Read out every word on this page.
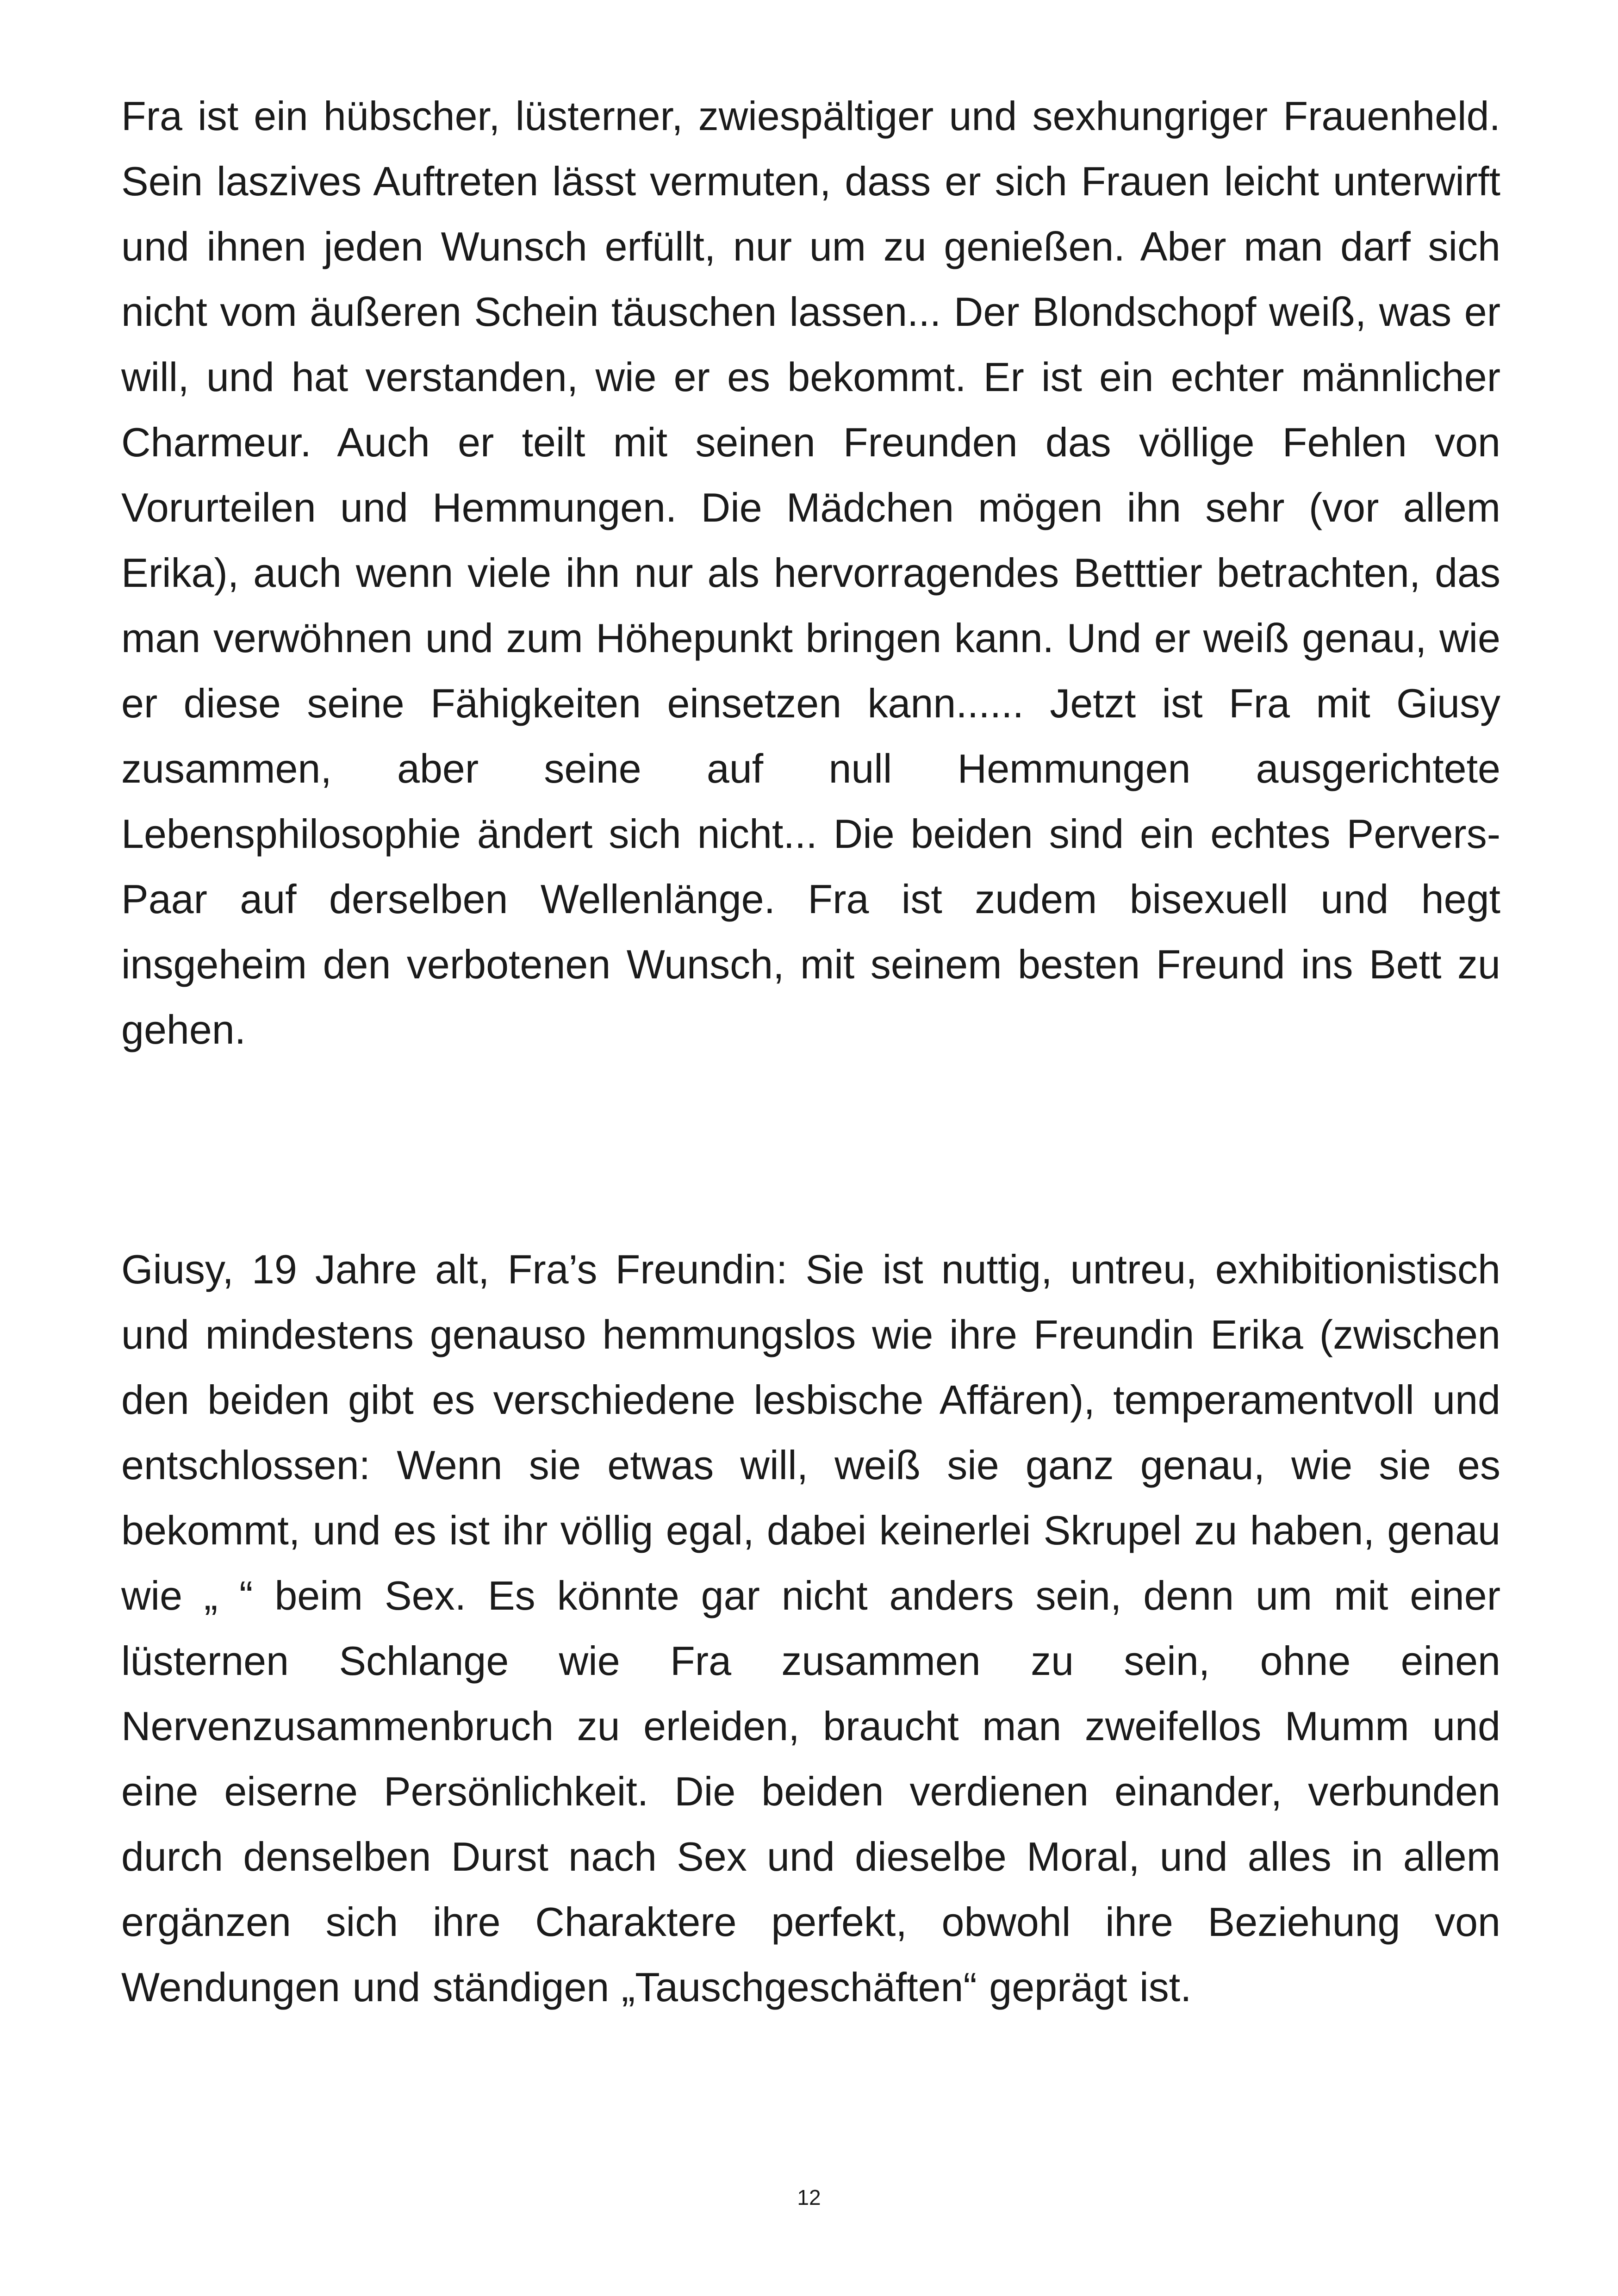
Fra ist ein hübscher, lüsterner, zwiespältiger und sexhungriger Frauenheld. Sein laszives Auftreten lässt vermuten, dass er sich Frauen leicht unterwirft und ihnen jeden Wunsch erfüllt, nur um zu genießen. Aber man darf sich nicht vom äußeren Schein täuschen lassen... Der Blondschopf weiß, was er will, und hat verstanden, wie er es bekommt. Er ist ein echter männlicher Charmeur. Auch er teilt mit seinen Freunden das völlige Fehlen von Vorurteilen und Hemmungen. Die Mädchen mögen ihn sehr (vor allem Erika), auch wenn viele ihn nur als hervorragendes Betttier betrachten, das man verwöhnen und zum Höhepunkt bringen kann. Und er weiß genau, wie er diese seine Fähigkeiten einsetzen kann...... Jetzt ist Fra mit Giusy zusammen, aber seine auf null Hemmungen ausgerichtete Lebensphilosophie ändert sich nicht... Die beiden sind ein echtes Pervers-Paar auf derselben Wellenlänge. Fra ist zudem bisexuell und hegt insgeheim den verbotenen Wunsch, mit seinem besten Freund ins Bett zu gehen.

Giusy, 19 Jahre alt, Fra’s Freundin: Sie ist nuttig, untreu, exhibitionistisch und mindestens genauso hemmungslos wie ihre Freundin Erika (zwischen den beiden gibt es verschiedene lesbische Affären), temperamentvoll und entschlossen: Wenn sie etwas will, weiß sie ganz genau, wie sie es bekommt, und es ist ihr völlig egal, dabei keinerlei Skrupel zu haben, genau wie „ “ beim Sex. Es könnte gar nicht anders sein, denn um mit einer lüsternen Schlange wie Fra zusammen zu sein, ohne einen Nervenzusammenbruch zu erleiden, braucht man zweifellos Mumm und eine eiserne Persönlichkeit. Die beiden verdienen einander, verbunden durch denselben Durst nach Sex und dieselbe Moral, und alles in allem ergänzen sich ihre Charaktere perfekt, obwohl ihre Beziehung von Wendungen und ständigen „Tauschgeschäften“ geprägt ist.

12
